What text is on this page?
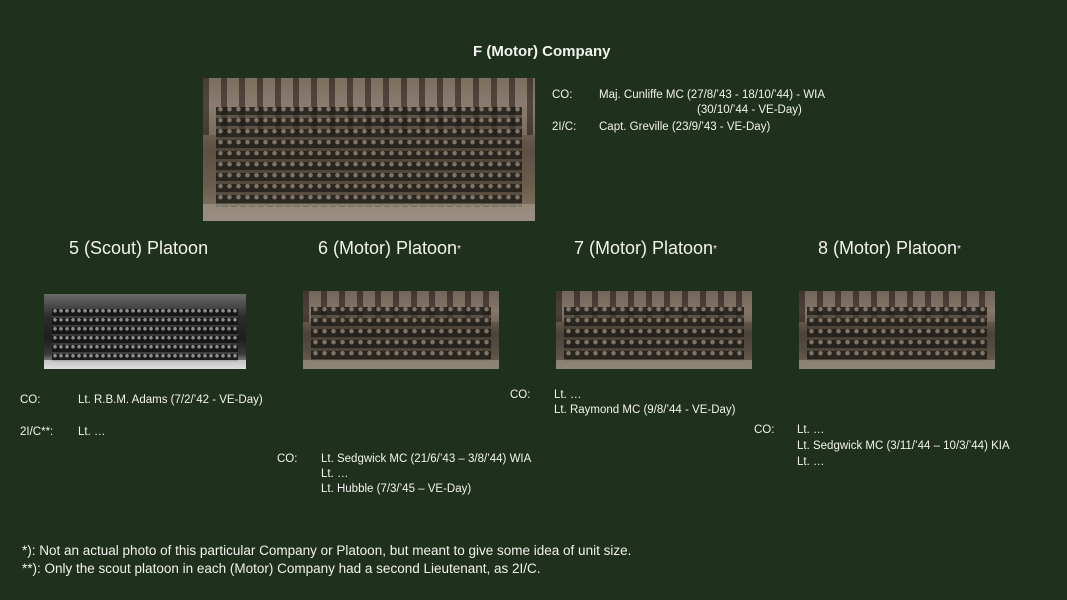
F (Motor) Company
CO: Maj. Cunliffe MC (27/8/’43 - 18/10/’44) - WIA
(30/10/’44 - VE-Day)
2I/C: Capt. Greville (23/9/’43 - VE-Day)
5 (Scout) Platoon
CO:	Lt. R.B.M. Adams (7/2/’42 - VE-Day)
2I/C**: Lt. …
6 (Motor) Platoon*
CO: Lt. Sedgwick MC (21/6/’43 – 3/8/’44) WIA
Lt. …
Lt. Hubble (7/3/’45 – VE-Day)
7 (Motor) Platoon*
CO: Lt. …
Lt. Raymond MC (9/8/’44 - VE-Day)
8 (Motor) Platoon*
CO: Lt. …
Lt. Sedgwick MC (3/11/’44 – 10/3/’44) KIA
Lt. …
*): Not an actual photo of this particular Company or Platoon, but meant to give some idea of unit size.
**): Only the scout platoon in each (Motor) Company had a second Lieutenant, as 2I/C.
